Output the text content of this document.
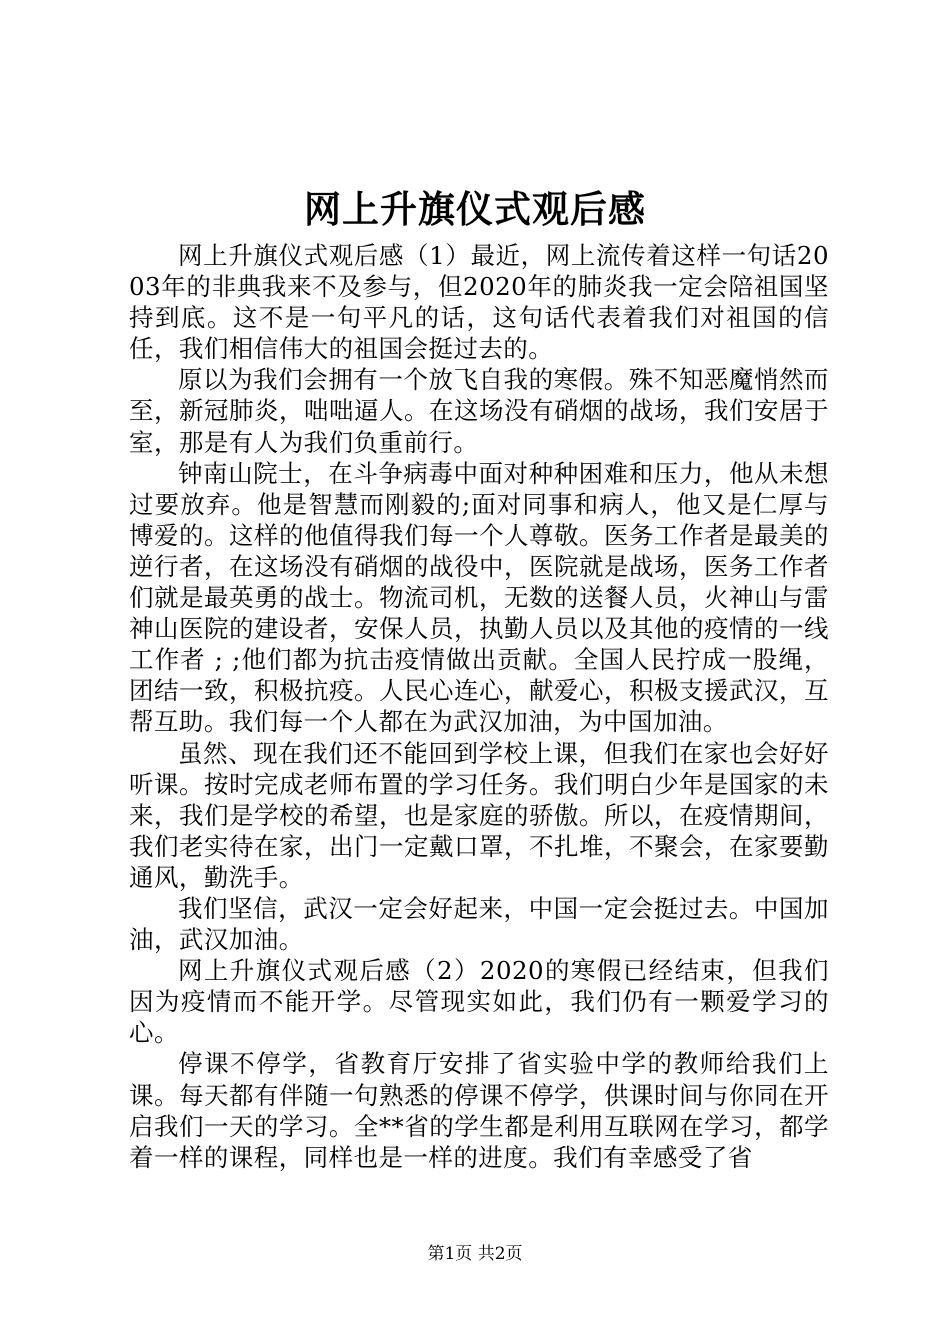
网上升旗仪式观后感

网上升旗仪式观后感（1）最近，网上流传着这样一句话2003年的非典我来不及参与，但2020年的肺炎我一定会陪祖国坚持到底。这不是一句平凡的话，这句话代表着我们对祖国的信任，我们相信伟大的祖国会挺过去的。

原以为我们会拥有一个放飞自我的寒假。殊不知恶魔悄然而至，新冠肺炎，咄咄逼人。在这场没有硝烟的战场，我们安居于室，那是有人为我们负重前行。

钟南山院士，在斗争病毒中面对种种困难和压力，他从未想过要放弃。他是智慧而刚毅的;面对同事和病人，他又是仁厚与博爱的。这样的他值得我们每一个人尊敬。医务工作者是最美的逆行者，在这场没有硝烟的战役中，医院就是战场，医务工作者们就是最英勇的战士。物流司机，无数的送餐人员，火神山与雷神山医院的建设者，安保人员，执勤人员以及其他的疫情的一线工作者 ; ;他们都为抗击疫情做出贡献。全国人民拧成一股绳，团结一致，积极抗疫。人民心连心，献爱心，积极支援武汉，互帮互助。我们每一个人都在为武汉加油，为中国加油。

虽然、现在我们还不能回到学校上课，但我们在家也会好好听课。按时完成老师布置的学习任务。我们明白少年是国家的未来，我们是学校的希望，也是家庭的骄傲。所以，在疫情期间，我们老实待在家，出门一定戴口罩，不扎堆，不聚会，在家要勤通风，勤洗手。

我们坚信，武汉一定会好起来，中国一定会挺过去。中国加油，武汉加油。

网上升旗仪式观后感（2）2020的寒假已经结束，但我们因为疫情而不能开学。尽管现实如此，我们仍有一颗爱学习的心。

停课不停学，省教育厅安排了省实验中学的教师给我们上课。每天都有伴随一句熟悉的停课不停学，供课时间与你同在开启我们一天的学习。全**省的学生都是利用互联网在学习，都学着一样的课程，同样也是一样的进度。我们有幸感受了省

第1页 共2页
